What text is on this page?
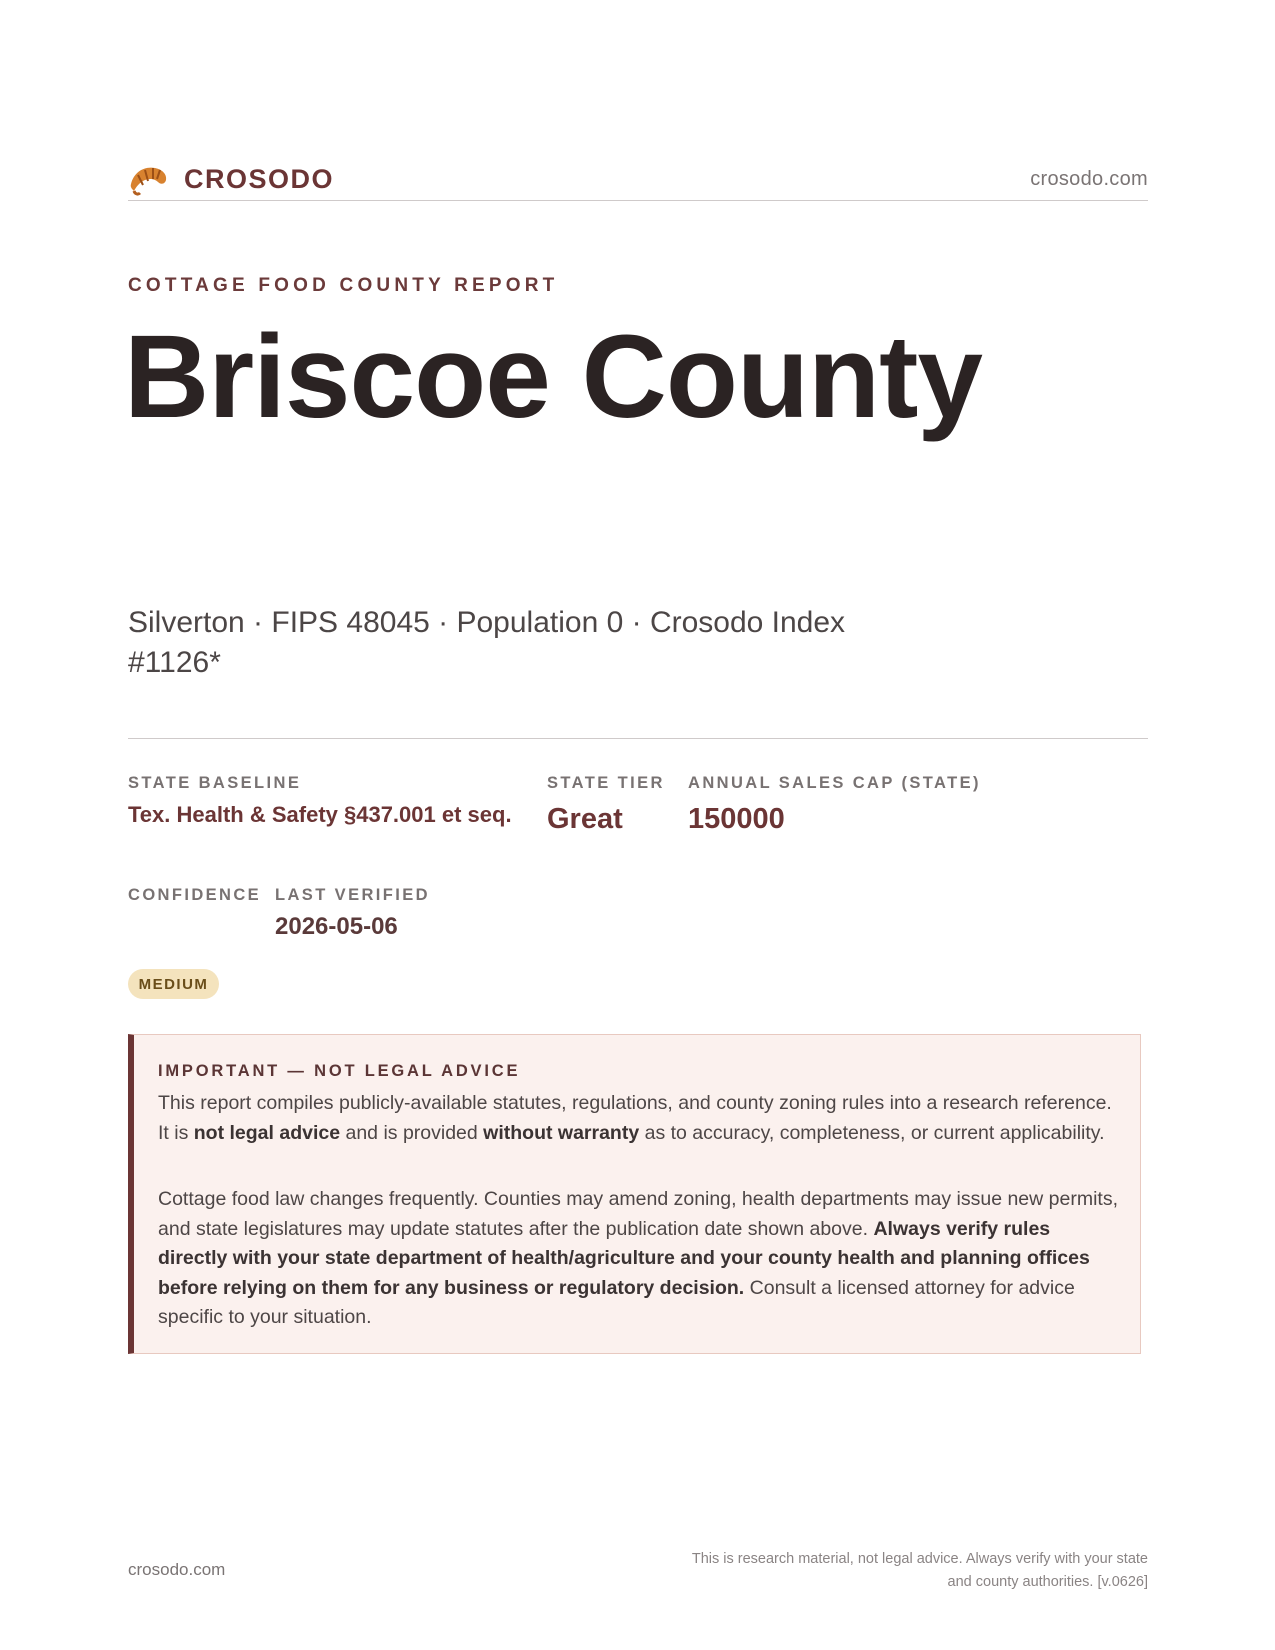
CROSODO	crosodo.com
COTTAGE FOOD COUNTY REPORT
Briscoe County
Silverton · FIPS 48045 · Population 0 · Crosodo Index #1126*
STATE BASELINE
Tex. Health & Safety §437.001 et seq.
STATE TIER
Great
ANNUAL SALES CAP (STATE)
150000
CONFIDENCE
MEDIUM
LAST VERIFIED
2026-05-06
IMPORTANT — NOT LEGAL ADVICE

This report compiles publicly-available statutes, regulations, and county zoning rules into a research reference. It is not legal advice and is provided without warranty as to accuracy, completeness, or current applicability.

Cottage food law changes frequently. Counties may amend zoning, health departments may issue new permits, and state legislatures may update statutes after the publication date shown above. Always verify rules directly with your state department of health/agriculture and your county health and planning offices before relying on them for any business or regulatory decision. Consult a licensed attorney for advice specific to your situation.

crosodo.com
This is research material, not legal advice. Always verify with your state
and county authorities. [v.0626]
